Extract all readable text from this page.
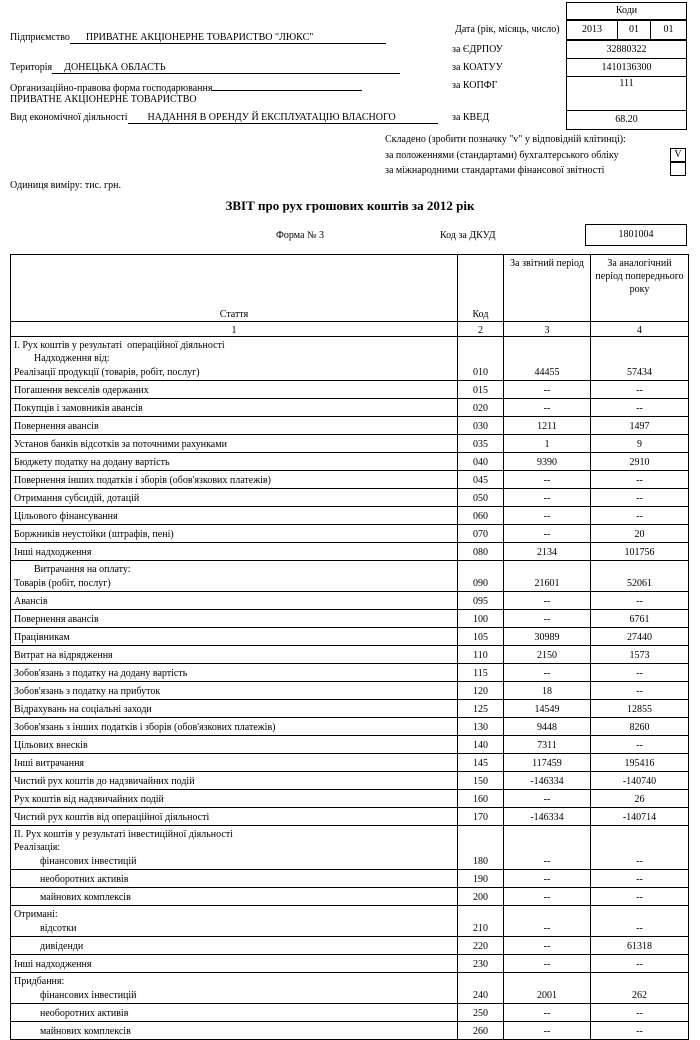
Підприємство ПРИВАТНЕ АКЦІОНЕРНЕ ТОВАРИСТВО "ЛЮКС"
Територія ДОНЕЦЬКА ОБЛАСТЬ
Организаційно-правова форма господарювання
ПРИВАТНЕ АКЦІОНЕРНЕ ТОВАРИСТВО
Вид економічної діяльності НАДАННЯ В ОРЕНДУ Й ЕКСПЛУАТАЦІЮ ВЛАСНОГО
Одиниця виміру: тис. грн.
Коди
Дата (рік, місяць, число)	2013	01	01
за ЄДРПОУ	32880322
за КОАТУУ	1410136300
за КОПФГ	111
за КВЕД	68.20
Складено (зробити позначку "v" у відповідній клітинці):
за положеннями (стандартами) бухгалтерського обліку	V
за міжнародними стандартами фінансової звітності
ЗВІТ про рух грошових коштів за 2012 рік
Форма № 3	Код за ДКУД	1801004
Стаття	Код	За звітний період	За аналогічний період попереднього року
1	2	3	4

I. Рух коштів у результаті  операційної діяльності
Надходження від:
Реалізації продукції (товарів, робіт, послуг)	010	44455	57434

Погашення векселів одержаних	015	--	--

Покупців і замовників авансів	020	--	--

Повернення авансів	030	1211	1497

Установ банків відсотків за поточними рахунками	035	1	9

Бюджету податку на додану вартість	040	9390	2910

Повернення інших податків і зборів (обов'язкових платежів)	045	--	--

Отримання субсидій, дотацій	050	--	--

Цільового фінансування	060	--	--

Боржників неустойки (штрафів, пені)	070	--	20

Інші надходження	080	2134	101756

Витрачання на оплату:
Товарів (робіт, послуг)	090	21601	52061

Авансів	095	--	--

Повернення авансів	100	--	6761

Працівникам	105	30989	27440

Витрат на відрядження	110	2150	1573

Зобов'язань з податку на додану вартість	115	--	--

Зобов'язань з податку на прибуток	120	18	--

Відрахувань на соціальні заходи	125	14549	12855

Зобов'язань з інших податків і зборів (обов'язкових платежів)	130	9448	8260

Цільових внесків	140	7311	--

Інші витрачання	145	117459	195416

Чистий рух коштів до надзвичайних подій	150	-146334	-140740

Рух коштів від надзвичайних подій	160	--	26

Чистий рух коштів від операційної діяльності	170	-146334	-140714

II. Рух коштів у результаті інвестиційної діяльності
Реалізація:
фінансових інвестицій	180	--	--

необоротних активів	190	--	--

майнових комплексів	200	--	--

Отримані:
відсотки	210	--	--

дивіденди	220	--	61318

Інші надходження	230	--	--

Придбання:
фінансових інвестицій	240	2001	262

необоротних активів	250	--	--

майнових комплексів	260	--	--
